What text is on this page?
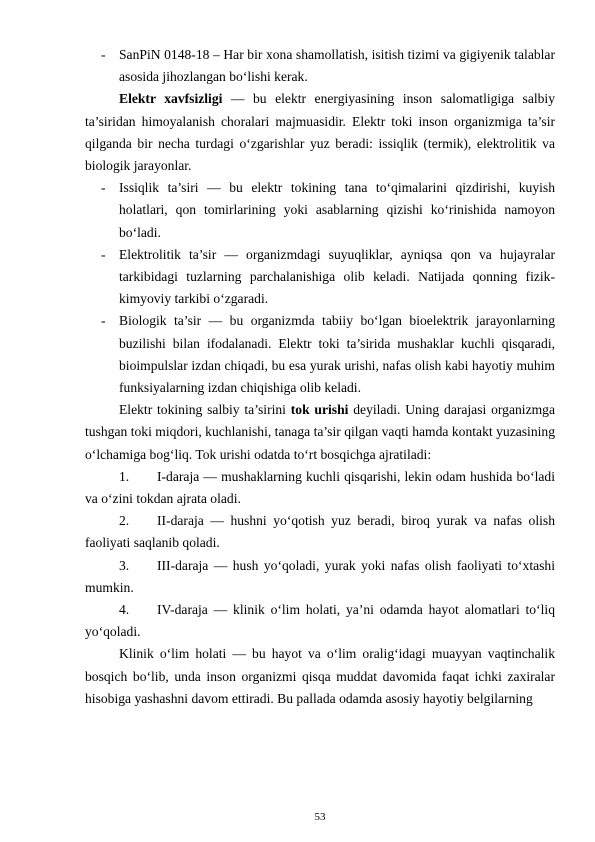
- SanPiN 0148-18 – Har bir xona shamollatish, isitish tizimi va gigiyenik talablar asosida jihozlangan bo‘lishi kerak.
Elektr xavfsizligi — bu elektr energiyasining inson salomatligiga salbiy ta’siridan himoyalanish choralari majmuasidir. Elektr toki inson organizmiga ta’sir qilganda bir necha turdagi o‘zgarishlar yuz beradi: issiqlik (termik), elektrolitik va biologik jarayonlar.
- Issiqlik ta’siri — bu elektr tokining tana to‘qimalarini qizdirishi, kuyish holatlari, qon tomirlarining yoki asablarning qizishi ko‘rinishida namoyon bo‘ladi.
- Elektrolitik ta’sir — organizmdagi suyuqliklar, ayniqsa qon va hujayralar tarkibidagi tuzlarning parchalanishiga olib keladi. Natijada qonning fizik-kimyoviy tarkibi o‘zgaradi.
- Biologik ta’sir — bu organizmda tabiiy bo‘lgan bioelektrik jarayonlarning buzilishi bilan ifodalanadi. Elektr toki ta’sirida mushaklar kuchli qisqaradi, bioimpulslar izdan chiqadi, bu esa yurak urishi, nafas olish kabi hayotiy muhim funksiyalarning izdan chiqishiga olib keladi.
Elektr tokining salbiy ta’sirini tok urishi deyiladi. Uning darajasi organizmga tushgan toki miqdori, kuchlanishi, tanaga ta’sir qilgan vaqti hamda kontakt yuzasining o‘lchamiga bog‘liq. Tok urishi odatda to‘rt bosqichga ajratiladi:
1. I-daraja — mushaklarning kuchli qisqarishi, lekin odam hushida bo‘ladi va o‘zini tokdan ajrata oladi.
2. II-daraja — hushni yo‘qotish yuz beradi, biroq yurak va nafas olish faoliyati saqlanib qoladi.
3. III-daraja — hush yo‘qoladi, yurak yoki nafas olish faoliyati to‘xtashi mumkin.
4. IV-daraja — klinik o‘lim holati, ya’ni odamda hayot alomatlari to‘liq yo‘qoladi.
Klinik o‘lim holati — bu hayot va o‘lim oralig‘idagi muayyan vaqtinchalik bosqich bo‘lib, unda inson organizmi qisqa muddat davomida faqat ichki zaxiralar hisobiga yashashni davom ettiradi. Bu pallada odamda asosiy hayotiy belgilarning
53
